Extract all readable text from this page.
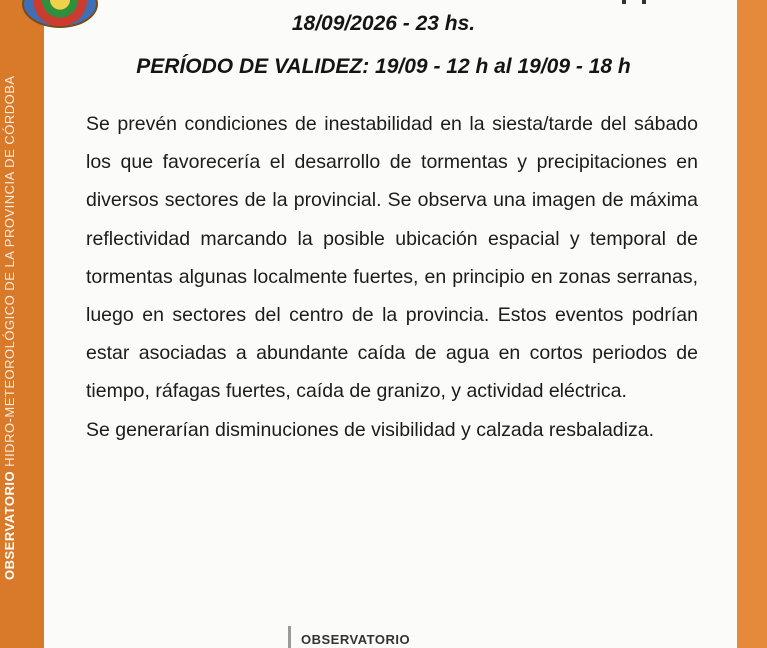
OBSERVATORIO HIDRO-METEOROLÓGICO DE LA PROVINCIA DE CÓRDOBA
18/09/2026 - 23 hs.
PERÍODO DE VALIDEZ: 19/09 - 12 h al 19/09 - 18 h

Se prevén condiciones de inestabilidad en la siesta/tarde del sábado los que favorecería el desarrollo de tormentas y precipitaciones en diversos sectores de la provincial. Se observa una imagen de máxima reflectividad marcando la posible ubicación espacial y temporal de tormentas algunas localmente fuertes, en principio en zonas serranas, luego en sectores del centro de la provincia. Estos eventos podrían estar asociadas a abundante caída de agua en cortos periodos de tiempo, ráfagas fuertes, caída de granizo, y actividad eléctrica.

Se generarían disminuciones de visibilidad y calzada resbaladiza.

OBSERVATORIO
